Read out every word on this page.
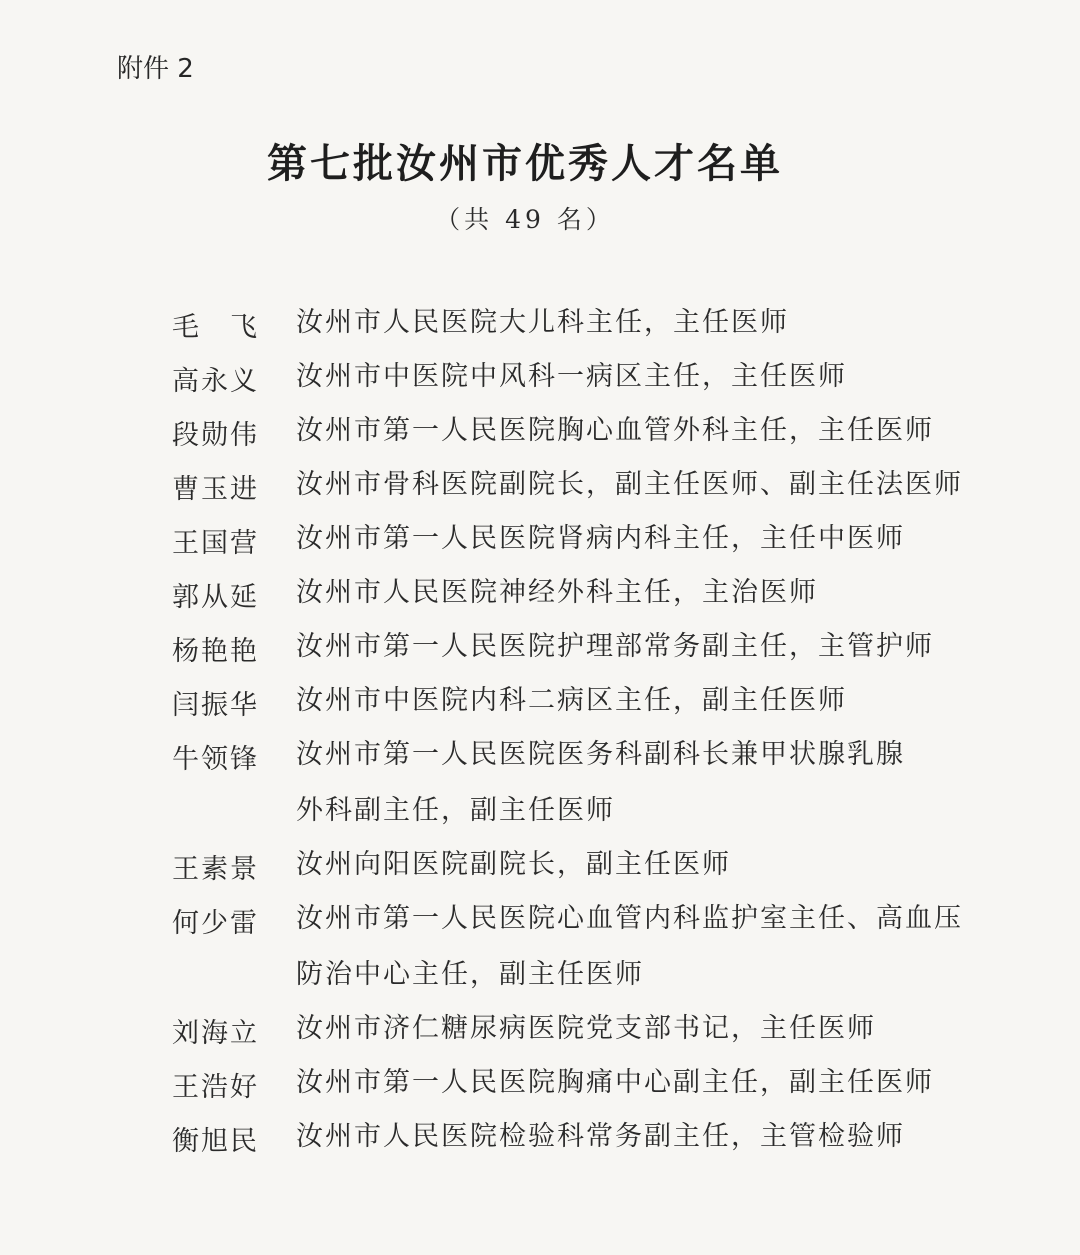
附件 2
第七批汝州市优秀人才名单
（共 49 名）
毛　飞	汝州市人民医院大儿科主任，主任医师
高永义	汝州市中医院中风科一病区主任，主任医师
段勋伟	汝州市第一人民医院胸心血管外科主任，主任医师
曹玉进	汝州市骨科医院副院长，副主任医师、副主任法医师
王国营	汝州市第一人民医院肾病内科主任，主任中医师
郭从延	汝州市人民医院神经外科主任，主治医师
杨艳艳	汝州市第一人民医院护理部常务副主任，主管护师
闫振华	汝州市中医院内科二病区主任，副主任医师
牛领锋	汝州市第一人民医院医务科副科长兼甲状腺乳腺
外科副主任，副主任医师
王素景	汝州向阳医院副院长，副主任医师
何少雷	汝州市第一人民医院心血管内科监护室主任、高血压
防治中心主任，副主任医师
刘海立	汝州市济仁糖尿病医院党支部书记，主任医师
王浩好	汝州市第一人民医院胸痛中心副主任，副主任医师
衡旭民	汝州市人民医院检验科常务副主任，主管检验师
